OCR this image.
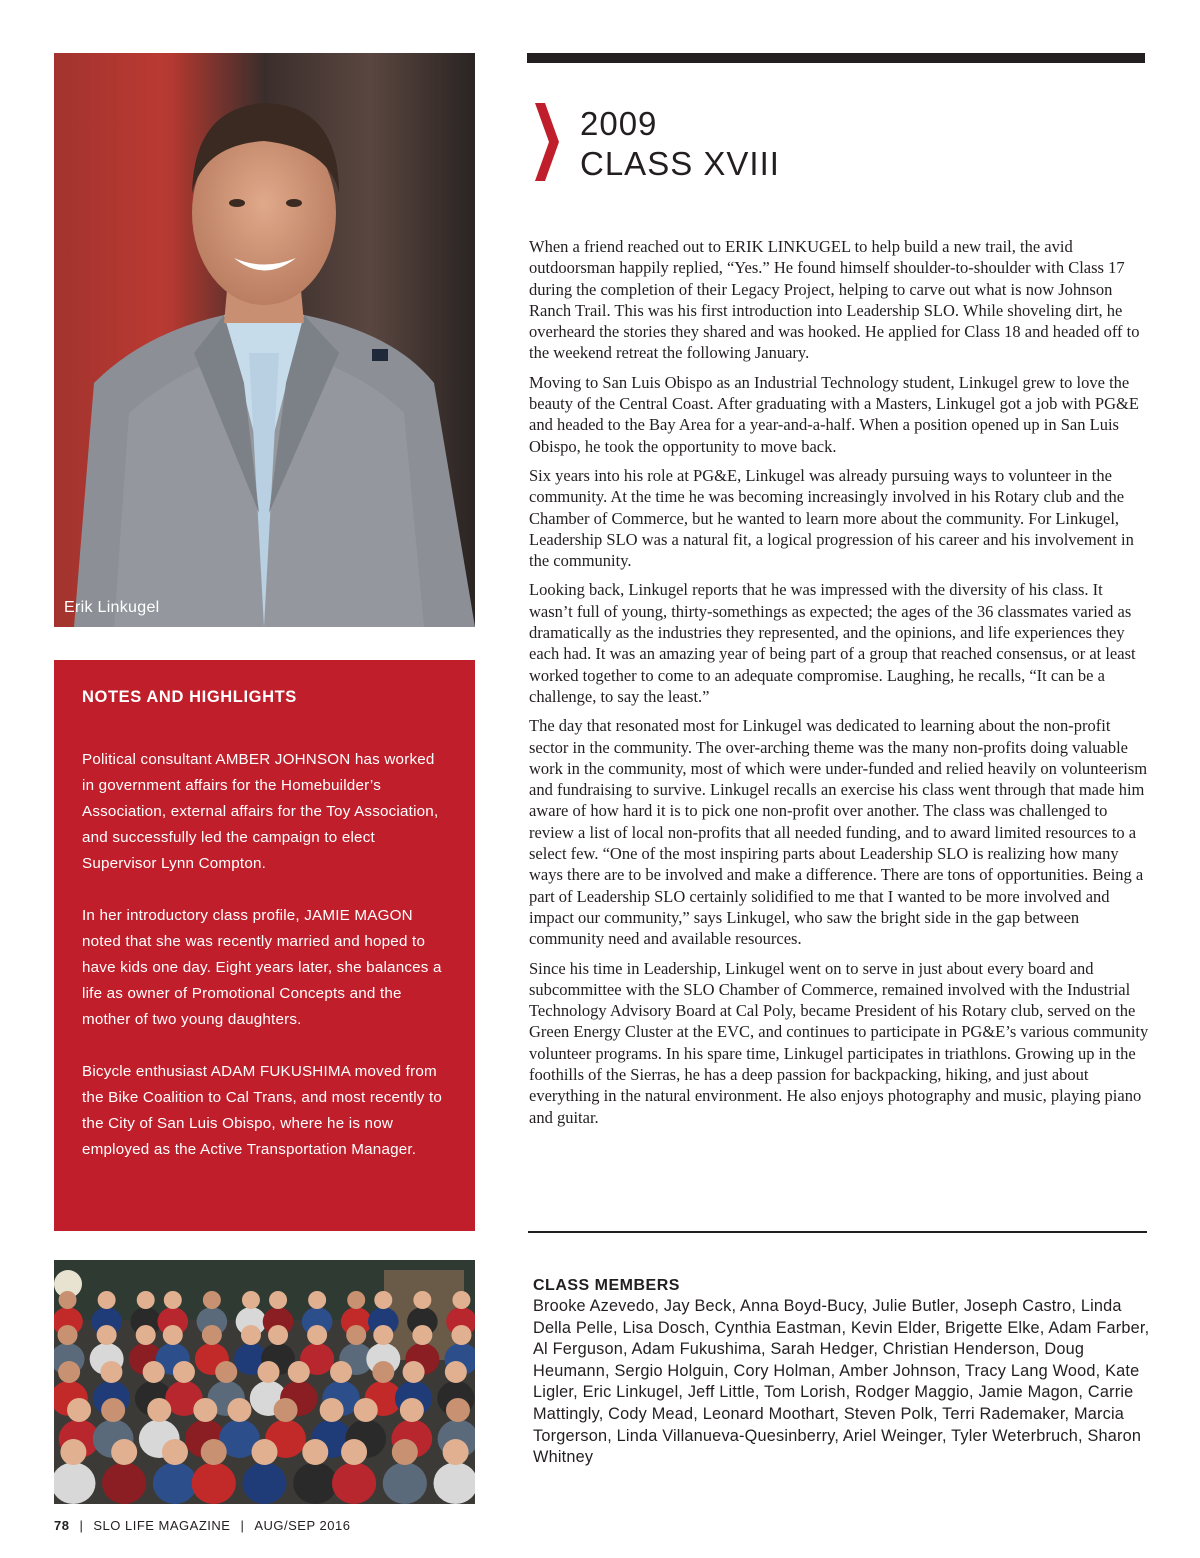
Erik Linkugel
2009
CLASS XVIII

When a friend reached out to ERIK LINKUGEL to help build a new trail, the avid outdoorsman happily replied, “Yes.” He found himself shoulder-to-shoulder with Class 17 during the completion of their Legacy Project, helping to carve out what is now Johnson Ranch Trail. This was his first introduction into Leadership SLO. While shoveling dirt, he overheard the stories they shared and was hooked. He applied for Class 18 and headed off to the weekend retreat the following January.

Moving to San Luis Obispo as an Industrial Technology student, Linkugel grew to love the beauty of the Central Coast. After graduating with a Masters, Linkugel got a job with PG&E and headed to the Bay Area for a year-and-a-half. When a position opened up in San Luis Obispo, he took the opportunity to move back.

Six years into his role at PG&E, Linkugel was already pursuing ways to volunteer in the community. At the time he was becoming increasingly involved in his Rotary club and the Chamber of Commerce, but he wanted to learn more about the community. For Linkugel, Leadership SLO was a natural fit, a logical progression of his career and his involvement in the community.

Looking back, Linkugel reports that he was impressed with the diversity of his class. It wasn’t full of young, thirty-somethings as expected; the ages of the 36 classmates varied as dramatically as the industries they represented, and the opinions, and life experiences they each had. It was an amazing year of being part of a group that reached consensus, or at least worked together to come to an adequate compromise. Laughing, he recalls, “It can be a challenge, to say the least.”

The day that resonated most for Linkugel was dedicated to learning about the non-profit sector in the community. The over-arching theme was the many non-profits doing valuable work in the community, most of which were under-funded and relied heavily on volunteerism and fundraising to survive. Linkugel recalls an exercise his class went through that made him aware of how hard it is to pick one non-profit over another. The class was challenged to review a list of local non-profits that all needed funding, and to award limited resources to a select few. “One of the most inspiring parts about Leadership SLO is realizing how many ways there are to be involved and make a difference. There are tons of opportunities. Being a part of Leadership SLO certainly solidified to me that I wanted to be more involved and impact our community,” says Linkugel, who saw the bright side in the gap between community need and available resources.

Since his time in Leadership, Linkugel went on to serve in just about every board and subcommittee with the SLO Chamber of Commerce, remained involved with the Industrial Technology Advisory Board at Cal Poly, became President of his Rotary club, served on the Green Energy Cluster at the EVC, and continues to participate in PG&E’s various community volunteer programs. In his spare time, Linkugel participates in triathlons. Growing up in the foothills of the Sierras, he has a deep passion for backpacking, hiking, and just about everything in the natural environment. He also enjoys photography and music, playing piano and guitar.

NOTES AND HIGHLIGHTS

Political consultant AMBER JOHNSON has worked in government affairs for the Homebuilder’s Association, external affairs for the Toy Association, and successfully led the campaign to elect Supervisor Lynn Compton.

In her introductory class profile, JAMIE MAGON noted that she was recently married and hoped to have kids one day. Eight years later, she balances a life as owner of Promotional Concepts and the mother of two young daughters.

Bicycle enthusiast ADAM FUKUSHIMA moved from the Bike Coalition to Cal Trans, and most recently to the City of San Luis Obispo, where he is now employed as the Active Transportation Manager.

CLASS MEMBERS
Brooke Azevedo, Jay Beck, Anna Boyd-Bucy, Julie Butler, Joseph Castro, Linda Della Pelle, Lisa Dosch, Cynthia Eastman, Kevin Elder, Brigette Elke, Adam Farber, Al Ferguson, Adam Fukushima, Sarah Hedger, Christian Henderson, Doug Heumann, Sergio Holguin, Cory Holman, Amber Johnson, Tracy Lang Wood, Kate Ligler, Eric Linkugel, Jeff Little, Tom Lorish, Rodger Maggio, Jamie Magon, Carrie Mattingly, Cody Mead, Leonard Moothart, Steven Polk, Terri Rademaker, Marcia Torgerson, Linda Villanueva-Quesinberry, Ariel Weinger, Tyler Weterbruch, Sharon Whitney
78 | SLO LIFE MAGAZINE | AUG/SEP 2016
